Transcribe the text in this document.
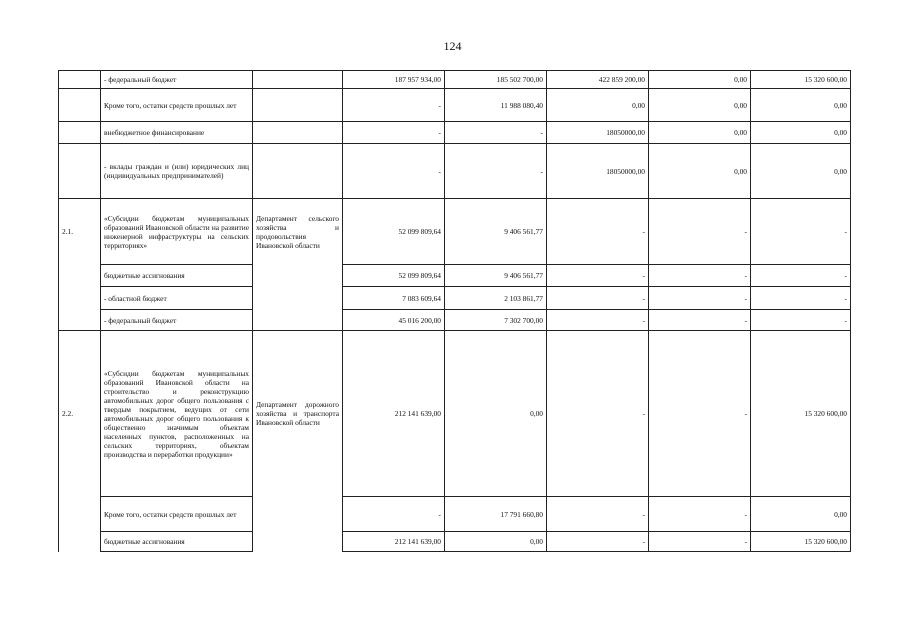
124
	- федеральный бюджет		187 957 934,00	185 502 700,00	422 859 200,00	0,00	15 320 600,00
	Кроме того, остатки средств прошлых лет		-	11 988 080,40	0,00	0,00	0,00
	внебюджетное финансирование		-	-	18050000,00	0,00	0,00
	- вклады граждан и (или) юридических лиц (индивидуальных предпринимателей)		-	-	18050000,00	0,00	0,00
2.1.	«Субсидии бюджетам муниципальных образований Ивановской области на развитие инженерной инфраструктуры на сельских территориях»	Департамент сельского хозяйства и продовольствия Ивановской области	52 099 809,64	9 406 561,77	-	-	-
	бюджетные ассигнования		52 099 809,64	9 406 561,77	-	-	-
	- областной бюджет		7 083 609,64	2 103 861,77	-	-	-
	- федеральный бюджет		45 016 200,00	7 302 700,00	-	-	-
2.2.	«Субсидии бюджетам муниципальных образований Ивановской области на строительство и реконструкцию автомобильных дорог общего пользования с твердым покрытием, ведущих от сети автомобильных дорог общего пользования к общественно значимым объектам населенных пунктов, расположенных на сельских территориях, объектам производства и переработки продукции»	Департамент дорожного хозяйства и транспорта Ивановской области	212 141 639,00	0,00	-	-	15 320 600,00
	Кроме того, остатки средств прошлых лет		-	17 791 660,80	-	-	0,00
	бюджетные ассигнования		212 141 639,00	0,00	-	-	15 320 600,00
